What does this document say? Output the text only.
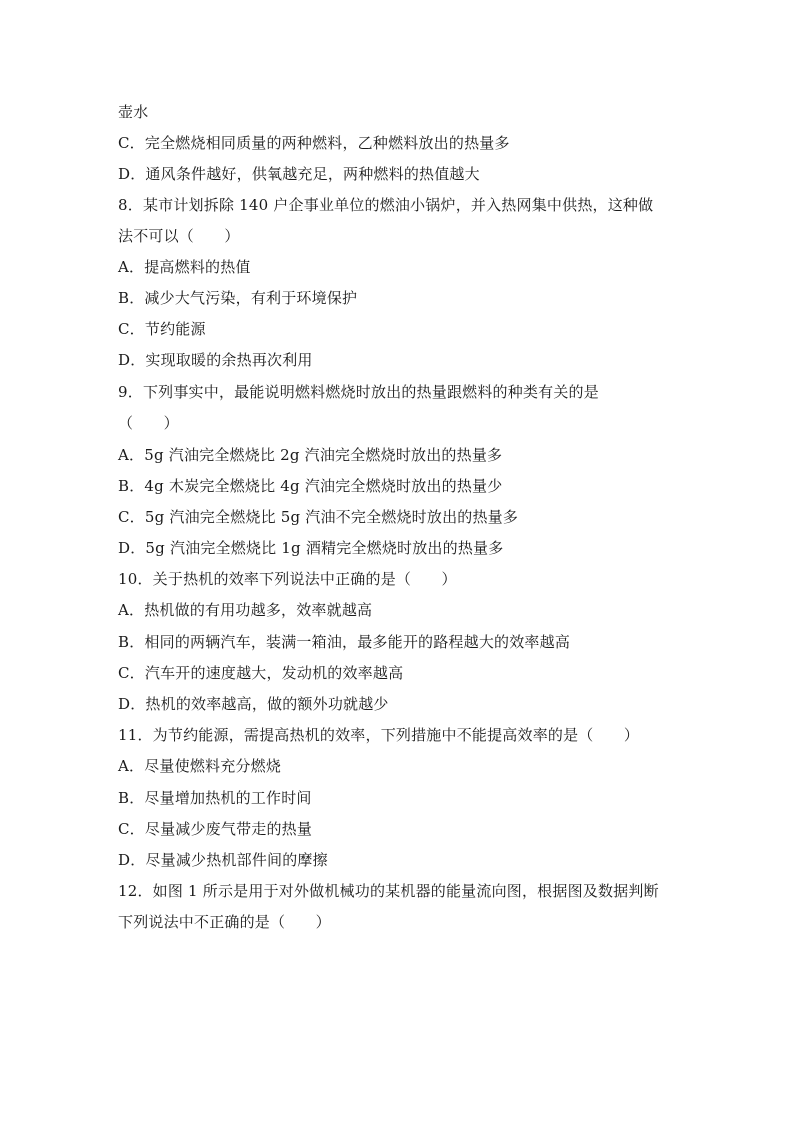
壶水
C．完全燃烧相同质量的两种燃料，乙种燃料放出的热量多
D．通风条件越好，供氧越充足，两种燃料的热值越大
8．某市计划拆除 140 户企事业单位的燃油小锅炉，并入热网集中供热，这种做
法不可以（　　）
A．提高燃料的热值
B．减少大气污染，有利于环境保护
C．节约能源
D．实现取暖的余热再次利用
9．下列事实中，最能说明燃料燃烧时放出的热量跟燃料的种类有关的是
（　　）
A．5g 汽油完全燃烧比 2g 汽油完全燃烧时放出的热量多
B．4g 木炭完全燃烧比 4g 汽油完全燃烧时放出的热量少
C．5g 汽油完全燃烧比 5g 汽油不完全燃烧时放出的热量多
D．5g 汽油完全燃烧比 1g 酒精完全燃烧时放出的热量多
10．关于热机的效率下列说法中正确的是（　　）
A．热机做的有用功越多，效率就越高
B．相同的两辆汽车，装满一箱油，最多能开的路程越大的效率越高
C．汽车开的速度越大，发动机的效率越高
D．热机的效率越高，做的额外功就越少
11．为节约能源，需提高热机的效率，下列措施中不能提高效率的是（　　）
A．尽量使燃料充分燃烧
B．尽量增加热机的工作时间
C．尽量减少废气带走的热量
D．尽量减少热机部件间的摩擦
12．如图 1 所示是用于对外做机械功的某机器的能量流向图，根据图及数据判断
下列说法中不正确的是（　　）
